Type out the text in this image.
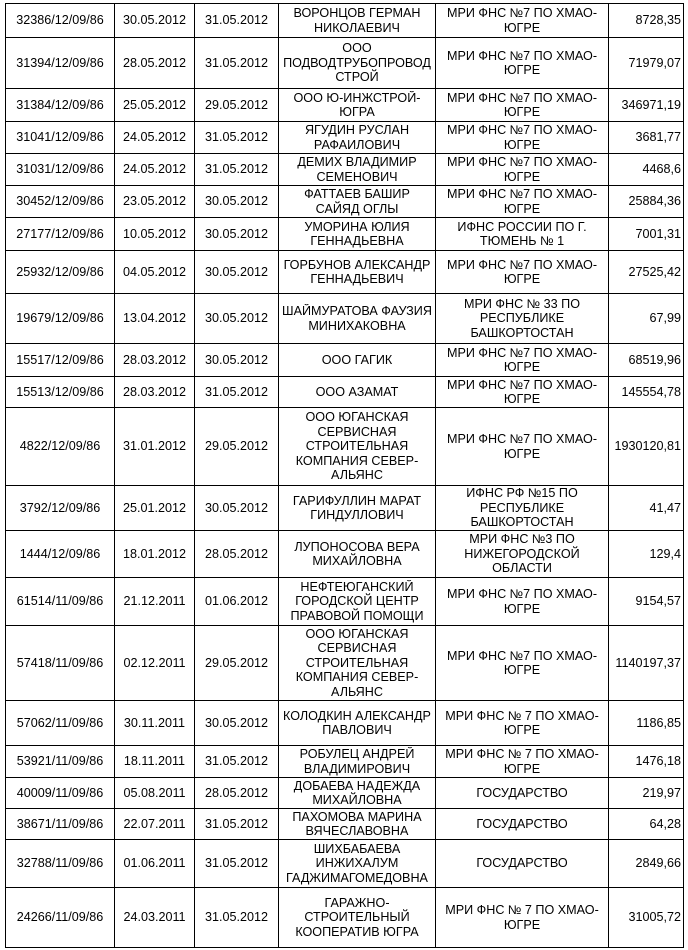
32386/12/09/86	30.05.2012	31.05.2012	ВОРОНЦОВ ГЕРМАН НИКОЛАЕВИЧ	МРИ ФНС №7 ПО ХМАО-ЮГРЕ	8728,35
31394/12/09/86	28.05.2012	31.05.2012	ООО ПОДВОДТРУБОПРОВОД СТРОЙ	МРИ ФНС №7 ПО ХМАО-ЮГРЕ	71979,07
31384/12/09/86	25.05.2012	29.05.2012	ООО Ю-ИНЖСТРОЙ-ЮГРА	МРИ ФНС №7 ПО ХМАО-ЮГРЕ	346971,19
31041/12/09/86	24.05.2012	31.05.2012	ЯГУДИН РУСЛАН РАФАИЛОВИЧ	МРИ ФНС №7 ПО ХМАО-ЮГРЕ	3681,77
31031/12/09/86	24.05.2012	31.05.2012	ДЕМИХ ВЛАДИМИР СЕМЕНОВИЧ	МРИ ФНС №7 ПО ХМАО-ЮГРЕ	4468,6
30452/12/09/86	23.05.2012	30.05.2012	ФАТТАЕВ БАШИР САЙЯД ОГЛЫ	МРИ ФНС №7 ПО ХМАО-ЮГРЕ	25884,36
27177/12/09/86	10.05.2012	30.05.2012	УМОРИНА ЮЛИЯ ГЕННАДЬЕВНА	ИФНС РОССИИ ПО Г. ТЮМЕНЬ № 1	7001,31
25932/12/09/86	04.05.2012	30.05.2012	ГОРБУНОВ АЛЕКСАНДР ГЕННАДЬЕВИЧ	МРИ ФНС №7 ПО ХМАО-ЮГРЕ	27525,42
19679/12/09/86	13.04.2012	30.05.2012	ШАЙМУРАТОВА ФАУЗИЯ МИНИХАКОВНА	МРИ ФНС № 33 ПО РЕСПУБЛИКЕ БАШКОРТОСТАН	67,99
15517/12/09/86	28.03.2012	30.05.2012	ООО ГАГИК	МРИ ФНС №7 ПО ХМАО-ЮГРЕ	68519,96
15513/12/09/86	28.03.2012	31.05.2012	ООО АЗАМАТ	МРИ ФНС №7 ПО ХМАО-ЮГРЕ	145554,78
4822/12/09/86	31.01.2012	29.05.2012	ООО ЮГАНСКАЯ СЕРВИСНАЯ СТРОИТЕЛЬНАЯ КОМПАНИЯ СЕВЕР-АЛЬЯНС	МРИ ФНС №7 ПО ХМАО-ЮГРЕ	1930120,81
3792/12/09/86	25.01.2012	30.05.2012	ГАРИФУЛЛИН МАРАТ ГИНДУЛЛОВИЧ	ИФНС РФ №15 ПО РЕСПУБЛИКЕ БАШКОРТОСТАН	41,47
1444/12/09/86	18.01.2012	28.05.2012	ЛУПОНОСОВА ВЕРА МИХАЙЛОВНА	МРИ ФНС №3 ПО НИЖЕГОРОДСКОЙ ОБЛАСТИ	129,4
61514/11/09/86	21.12.2011	01.06.2012	НЕФТЕЮГАНСКИЙ ГОРОДСКОЙ ЦЕНТР ПРАВОВОЙ ПОМОЩИ	МРИ ФНС №7 ПО ХМАО-ЮГРЕ	9154,57
57418/11/09/86	02.12.2011	29.05.2012	ООО ЮГАНСКАЯ СЕРВИСНАЯ СТРОИТЕЛЬНАЯ КОМПАНИЯ СЕВЕР-АЛЬЯНС	МРИ ФНС №7 ПО ХМАО-ЮГРЕ	1140197,37
57062/11/09/86	30.11.2011	30.05.2012	КОЛОДКИН АЛЕКСАНДР ПАВЛОВИЧ	МРИ ФНС № 7 ПО ХМАО-ЮГРЕ	1186,85
53921/11/09/86	18.11.2011	31.05.2012	РОБУЛЕЦ АНДРЕЙ ВЛАДИМИРОВИЧ	МРИ ФНС № 7 ПО ХМАО-ЮГРЕ	1476,18
40009/11/09/86	05.08.2011	28.05.2012	ДОБАЕВА НАДЕЖДА МИХАЙЛОВНА	ГОСУДАРСТВО	219,97
38671/11/09/86	22.07.2011	31.05.2012	ПАХОМОВА МАРИНА ВЯЧЕСЛАВОВНА	ГОСУДАРСТВО	64,28
32788/11/09/86	01.06.2011	31.05.2012	ШИХБАБАЕВА ИНЖИХАЛУМ ГАДЖИМАГОМЕДОВНА	ГОСУДАРСТВО	2849,66
24266/11/09/86	24.03.2011	31.05.2012	ГАРАЖНО-СТРОИТЕЛЬНЫЙ КООПЕРАТИВ ЮГРА	МРИ ФНС № 7 ПО ХМАО-ЮГРЕ	31005,72
